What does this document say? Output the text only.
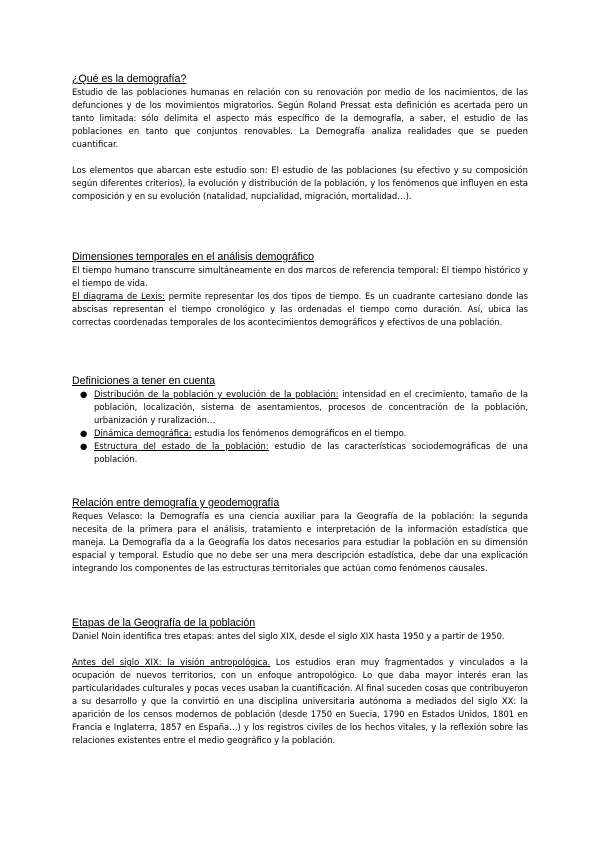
¿Qué es la demografía?

Estudio de las poblaciones humanas en relación con su renovación por medio de los nacimientos, de las defunciones y de los movimientos migratorios. Según Roland Pressat esta definición es acertada pero un tanto limitada: sólo delimita el aspecto más específico de la demografía, a saber, el estudio de las poblaciones en tanto que conjuntos renovables. La Demografía analiza realidades que se pueden cuantificar.

Los elementos que abarcan este estudio son: El estudio de las poblaciones (su efectivo y su composición según diferentes criterios), la evolución y distribución de la población, y los fenómenos que influyen en esta composición y en su evolución (natalidad, nupcialidad, migración, mortalidad…).

Dimensiones temporales en el análisis demográfico

El tiempo humano transcurre simultáneamente en dos marcos de referencia temporal: El tiempo histórico y el tiempo de vida.

El diagrama de Lexis: permite representar los dos tipos de tiempo. Es un cuadrante cartesiano donde las abscisas representan el tiempo cronológico y las ordenadas el tiempo como duración. Así, ubica las correctas coordenadas temporales de los acontecimientos demográficos y efectivos de una población.

Definiciones a tener en cuenta
● Distribución de la población y evolución de la población: intensidad en el crecimiento, tamaño de la población, localización, sistema de asentamientos, procesos de concentración de la población, urbanización y ruralización…
● Dinámica demográfica: estudia los fenómenos demográficos en el tiempo.
● Estructura del estado de la población: estudio de las características sociodemográficas de una población.
Relación entre demografía y geodemografía

Reques Velasco: la Demografía es una ciencia auxiliar para la Geografía de la población: la segunda necesita de la primera para el análisis, tratamiento e interpretación de la información estadística que maneja. La Demografía da a la Geografía los datos necesarios para estudiar la población en su dimensión espacial y temporal. Estudio que no debe ser una mera descripción estadística, debe dar una explicación integrando los componentes de las estructuras territoriales que actúan como fenómenos causales.

Etapas de la Geografía de la población

Daniel Noin identifica tres etapas: antes del siglo XIX, desde el siglo XIX hasta 1950 y a partir de 1950.

Antes del siglo XIX: la visión antropológica. Los estudios eran muy fragmentados y vinculados a la ocupación de nuevos territorios, con un enfoque antropológico. Lo que daba mayor interés eran las particularidades culturales y pocas veces usaban la cuantificación. Al final suceden cosas que contribuyeron a su desarrollo y que la convirtió en una disciplina universitaria autónoma a mediados del siglo XX: la aparición de los censos modernos de población (desde 1750 en Suecia, 1790 en Estados Unidos, 1801 en Francia e Inglaterra, 1857 en España…) y los registros civiles de los hechos vitales, y la reflexión sobre las relaciones existentes entre el medio geográfico y la población.
